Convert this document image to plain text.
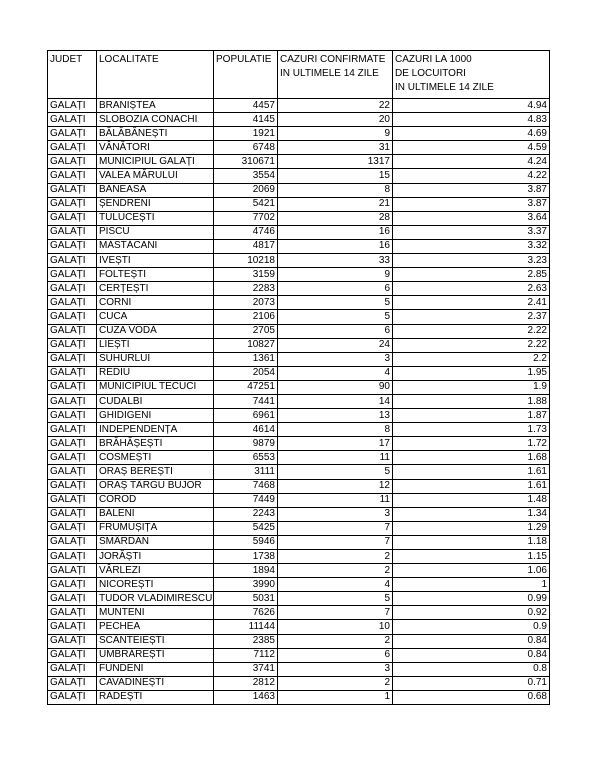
JUDET	LOCALITATE	POPULATIE	CAZURI CONFIRMATE
IN ULTIMELE 14 ZILE	CAZURI LA 1000
DE LOCUITORI
IN ULTIMELE 14 ZILE

GALAȚI	BRANIȘTEA	4457	22	4.94
GALAȚI	SLOBOZIA CONACHI	4145	20	4.83
GALAȚI	BĂLĂBĂNEȘTI	1921	9	4.69
GALAȚI	VÂNĂTORI	6748	31	4.59
GALAȚI	MUNICIPIUL GALAȚI	310671	1317	4.24
GALAȚI	VALEA MĂRULUI	3554	15	4.22
GALAȚI	BĂNEASA	2069	8	3.87
GALAȚI	ȘENDRENI	5421	21	3.87
GALAȚI	TULUCEȘTI	7702	28	3.64
GALAȚI	PISCU	4746	16	3.37
GALAȚI	MĂSTĂCANI	4817	16	3.32
GALAȚI	IVEȘTI	10218	33	3.23
GALAȚI	FOLTEȘTI	3159	9	2.85
GALAȚI	CERȚEȘTI	2283	6	2.63
GALAȚI	CORNI	2073	5	2.41
GALAȚI	CUCA	2106	5	2.37
GALAȚI	CUZA VODĂ	2705	6	2.22
GALAȚI	LIEȘTI	10827	24	2.22
GALAȚI	SUHURLUI	1361	3	2.2
GALAȚI	REDIU	2054	4	1.95
GALAȚI	MUNICIPIUL TECUCI	47251	90	1.9
GALAȚI	CUDALBI	7441	14	1.88
GALAȚI	GHIDIGENI	6961	13	1.87
GALAȚI	INDEPENDENȚA	4614	8	1.73
GALAȚI	BRĂHĂȘEȘTI	9879	17	1.72
GALAȚI	COSMEȘTI	6553	11	1.68
GALAȚI	ORAȘ BEREȘTI	3111	5	1.61
GALAȚI	ORAȘ TÂRGU BUJOR	7468	12	1.61
GALAȚI	COROD	7449	11	1.48
GALAȚI	BĂLENI	2243	3	1.34
GALAȚI	FRUMUȘIȚA	5425	7	1.29
GALAȚI	SMÂRDAN	5946	7	1.18
GALAȚI	JORĂȘTI	1738	2	1.15
GALAȚI	VÂRLEZI	1894	2	1.06
GALAȚI	NICOREȘTI	3990	4	1
GALAȚI	TUDOR VLADIMIRESCU	5031	5	0.99
GALAȚI	MUNTENI	7626	7	0.92
GALAȚI	PECHEA	11144	10	0.9
GALAȚI	SCÂNTEIEȘTI	2385	2	0.84
GALAȚI	UMBRĂREȘTI	7112	6	0.84
GALAȚI	FUNDENI	3741	3	0.8
GALAȚI	CAVADINEȘTI	2812	2	0.71
GALAȚI	RĂDEȘTI	1463	1	0.68
